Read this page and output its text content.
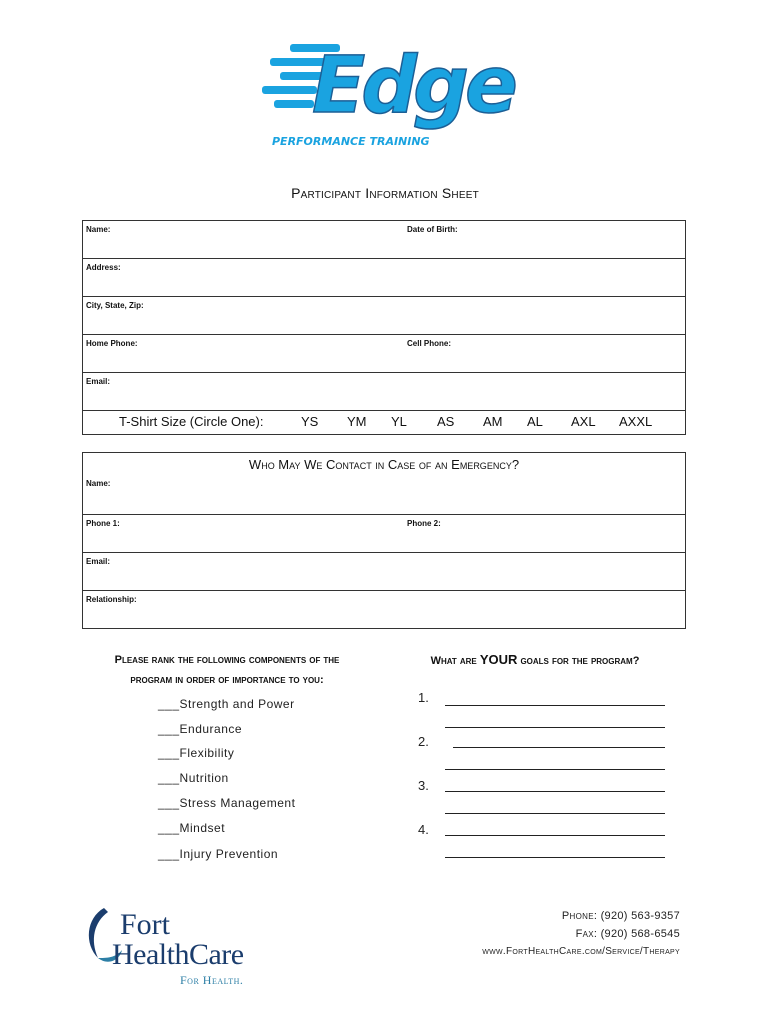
Edge
PERFORMANCE TRAINING
Participant Information Sheet
Name:	Date of Birth:

Address:

City, State, Zip:

Home Phone:	Cell Phone:

Email:

T-Shirt Size (Circle One):	YS YM YL AS AM AL AXL AXXL
Who May We Contact in Case of an Emergency?
Name:

Phone 1:	Phone 2:

Email:

Relationship:
Please rank the following components of the
program in order of importance to you:
___Strength and Power
___Endurance
___Flexibility
___Nutrition
___Stress Management
___Mindset
___Injury Prevention
What are YOUR goals for the program?
1.
2.
3.
4.
Fort
HealthCare
For Health.
Phone: (920) 563-9357
Fax: (920) 568-6545
www.FortHealthCare.com/Service/Therapy
